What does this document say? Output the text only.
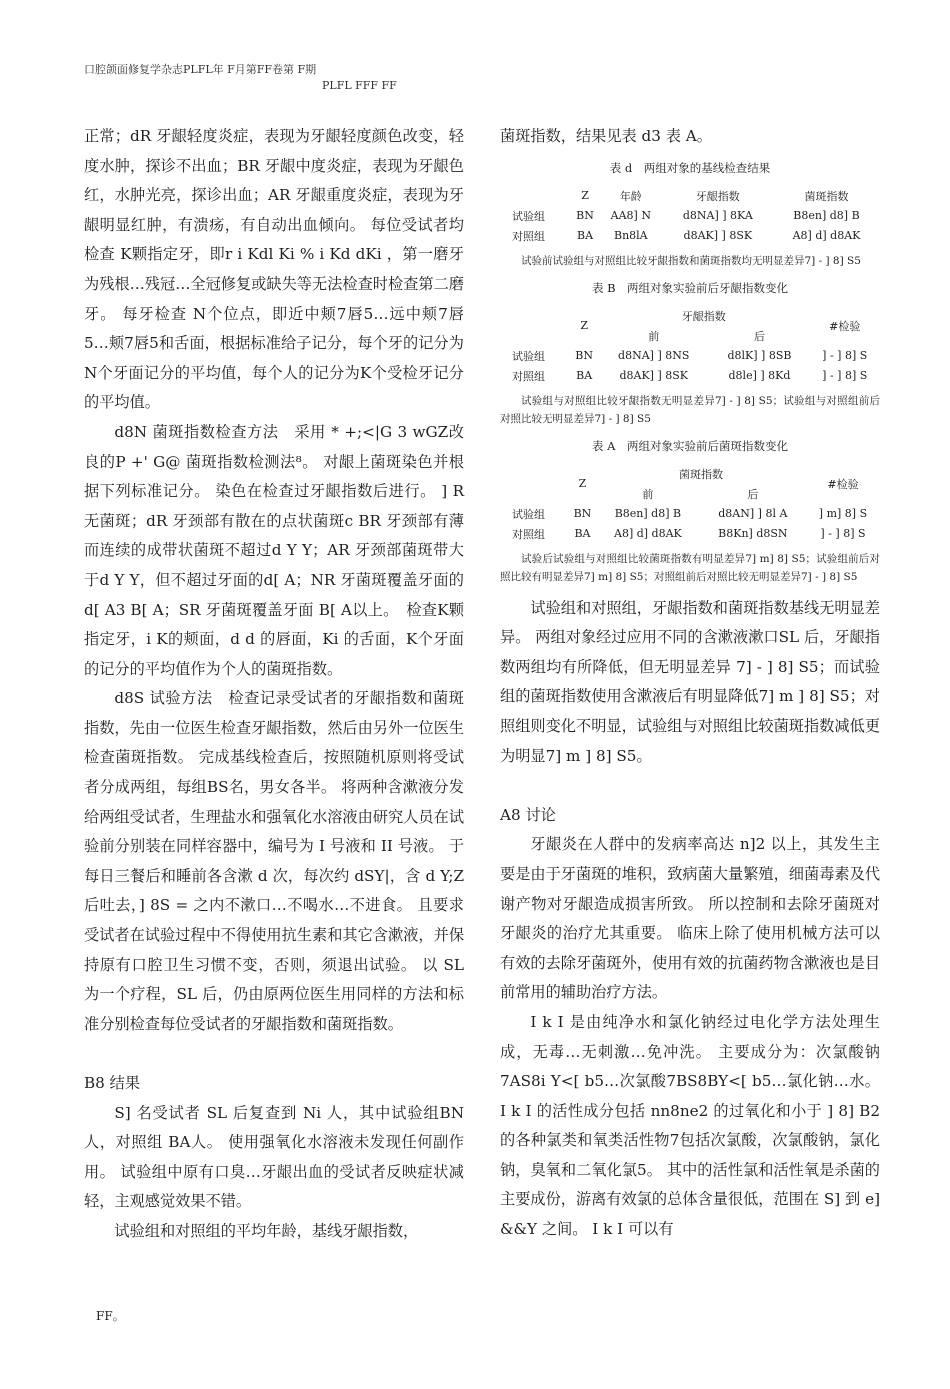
口腔颌面修复学杂志PLFL年 F月第FF卷第 F期
PLFL FFF FF

正常；dR 牙龈轻度炎症，表现为牙龈轻度颜色改变，轻度水肿，探诊不出血；BR 牙龈中度炎症，表现为牙龈色红，水肿光亮，探诊出血；AR 牙龈重度炎症，表现为牙龈明显红肿，有溃疡，有自动出血倾向。 每位受试者均检查 K颗指定牙，即r i Kdl Ki % i Kd dKi ，第一磨牙为残根…残冠…全冠修复或缺失等无法检查时检查第二磨牙。 每牙检查 N个位点，即近中颊7唇5…远中颊7唇5…颊7唇5和舌面，根据标准给子记分，每个牙的记分为N个牙面记分的平均值，每个人的记分为K个受检牙记分的平均值。

d8N 菌斑指数检查方法　采用 * +;<|G 3 wGZ改良的P +' G@ 菌斑指数检测法⁸。 对龈上菌斑染色并根据下列标准记分。 染色在检查过牙龈指数后进行。 ] R 无菌斑；dR 牙颈部有散在的点状菌斑c BR 牙颈部有薄而连续的成带状菌斑不超过d Y Y；AR 牙颈部菌斑带大于d Y Y，但不超过牙面的d[ A；NR 牙菌斑覆盖牙面的 d[ A3 B[ A；SR 牙菌斑覆盖牙面 B[ A以上。　检查K颗指定牙，i K的颊面，d d 的唇面，Ki 的舌面，K个牙面的记分的平均值作为个人的菌斑指数。

d8S 试验方法　检查记录受试者的牙龈指数和菌斑指数，先由一位医生检查牙龈指数，然后由另外一位医生检查菌斑指数。 完成基线检查后，按照随机原则将受试者分成两组，每组BS名，男女各半。 将两种含漱液分发给两组受试者，生理盐水和强氧化水溶液由研究人员在试验前分别装在同样容器中，编号为 I 号液和 II 号液。 于每日三餐后和睡前各含漱 d 次，每次约 dSY|，含 d Y;Z 后吐去，] 8S = 之内不漱口…不喝水…不进食。 且要求受试者在试验过程中不得使用抗生素和其它含漱液，并保持原有口腔卫生习惯不变，否则，须退出试验。 以 SL 为一个疗程，SL 后，仍由原两位医生用同样的方法和标准分别检查每位受试者的牙龈指数和菌斑指数。

B8 结果

S] 名受试者 SL 后复查到 Ni 人，其中试验组BN人，对照组 BA人。 使用强氧化水溶液未发现任何副作用。 试验组中原有口臭…牙龈出血的受试者反映症状减轻，主观感觉效果不错。

试验组和对照组的平均年龄，基线牙龈指数，

菌斑指数，结果见表 d3 表 A。

表 d　两组对象的基线检查结果
	Z	年龄	牙龈指数	菌斑指数
试验组	BN	AA8] N	d8NA] ] 8KA	B8en] d8] B
对照组	BA	Bn8lA	d8AK] ] 8SK	A8] d] d8AK
试验前试验组与对照组比较牙龈指数和菌斑指数均无明显差异7] - ] 8] S5
表 B　两组对象实验前后牙龈指数变化
	Z	牙龈指数		#检验
		前	后	
试验组	BN	d8NA] ] 8NS	d8lK] ] 8SB	] - ] 8] S
对照组	BA	d8AK] ] 8SK	d8le] ] 8Kd	] - ] 8] S
试验组与对照组比较牙龈指数无明显差异7] - ] 8] S5；试验组与对照组前后对照比较无明显差异7] - ] 8] S5
表 A　两组对象实验前后菌斑指数变化
	Z	菌斑指数		#检验
		前	后	
试验组	BN	B8en] d8] B	d8AN] ] 8l A	] m] 8] S
对照组	BA	A8] d] d8AK	B8Kn] d8SN	] - ] 8] S
试验后试验组与对照组比较菌斑指数有明显差异7] m] 8] S5；试验组前后对照比较有明显差异7] m] 8] S5；对照组前后对照比较无明显差异7] - ] 8] S5

试验组和对照组，牙龈指数和菌斑指数基线无明显差异。 两组对象经过应用不同的含漱液漱口SL 后，牙龈指数两组均有所降低，但无明显差异 7] - ] 8] S5；而试验组的菌斑指数使用含漱液后有明显降低7] m ] 8] S5；对照组则变化不明显，试验组与对照组比较菌斑指数减低更为明显7] m ] 8] S5。

A8 讨论

牙龈炎在人群中的发病率高达 n]2 以上，其发生主要是由于牙菌斑的堆积，致病菌大量繁殖，细菌毒素及代谢产物对牙龈造成损害所致。 所以控制和去除牙菌斑对牙龈炎的治疗尤其重要。 临床上除了使用机械方法可以有效的去除牙菌斑外，使用有效的抗菌药物含漱液也是目前常用的辅助治疗方法。

I k I 是由纯净水和氯化钠经过电化学方法处理生成，无毒…无刺激…免冲洗。 主要成分为：次氯酸钠7AS8i Y<[ b5…次氯酸7BS8BY<[ b5…氯化钠…水。 I k I 的活性成分包括 nn8ne2 的过氧化和小于 ] 8] B2 的各种氯类和氧类活性物7包括次氯酸，次氯酸钠，氯化钠，臭氧和二氧化氯5。 其中的活性氯和活性氧是杀菌的主要成份，游离有效氯的总体含量很低，范围在 S] 到 e] &&Y 之间。 I k I 可以有

　FF。
